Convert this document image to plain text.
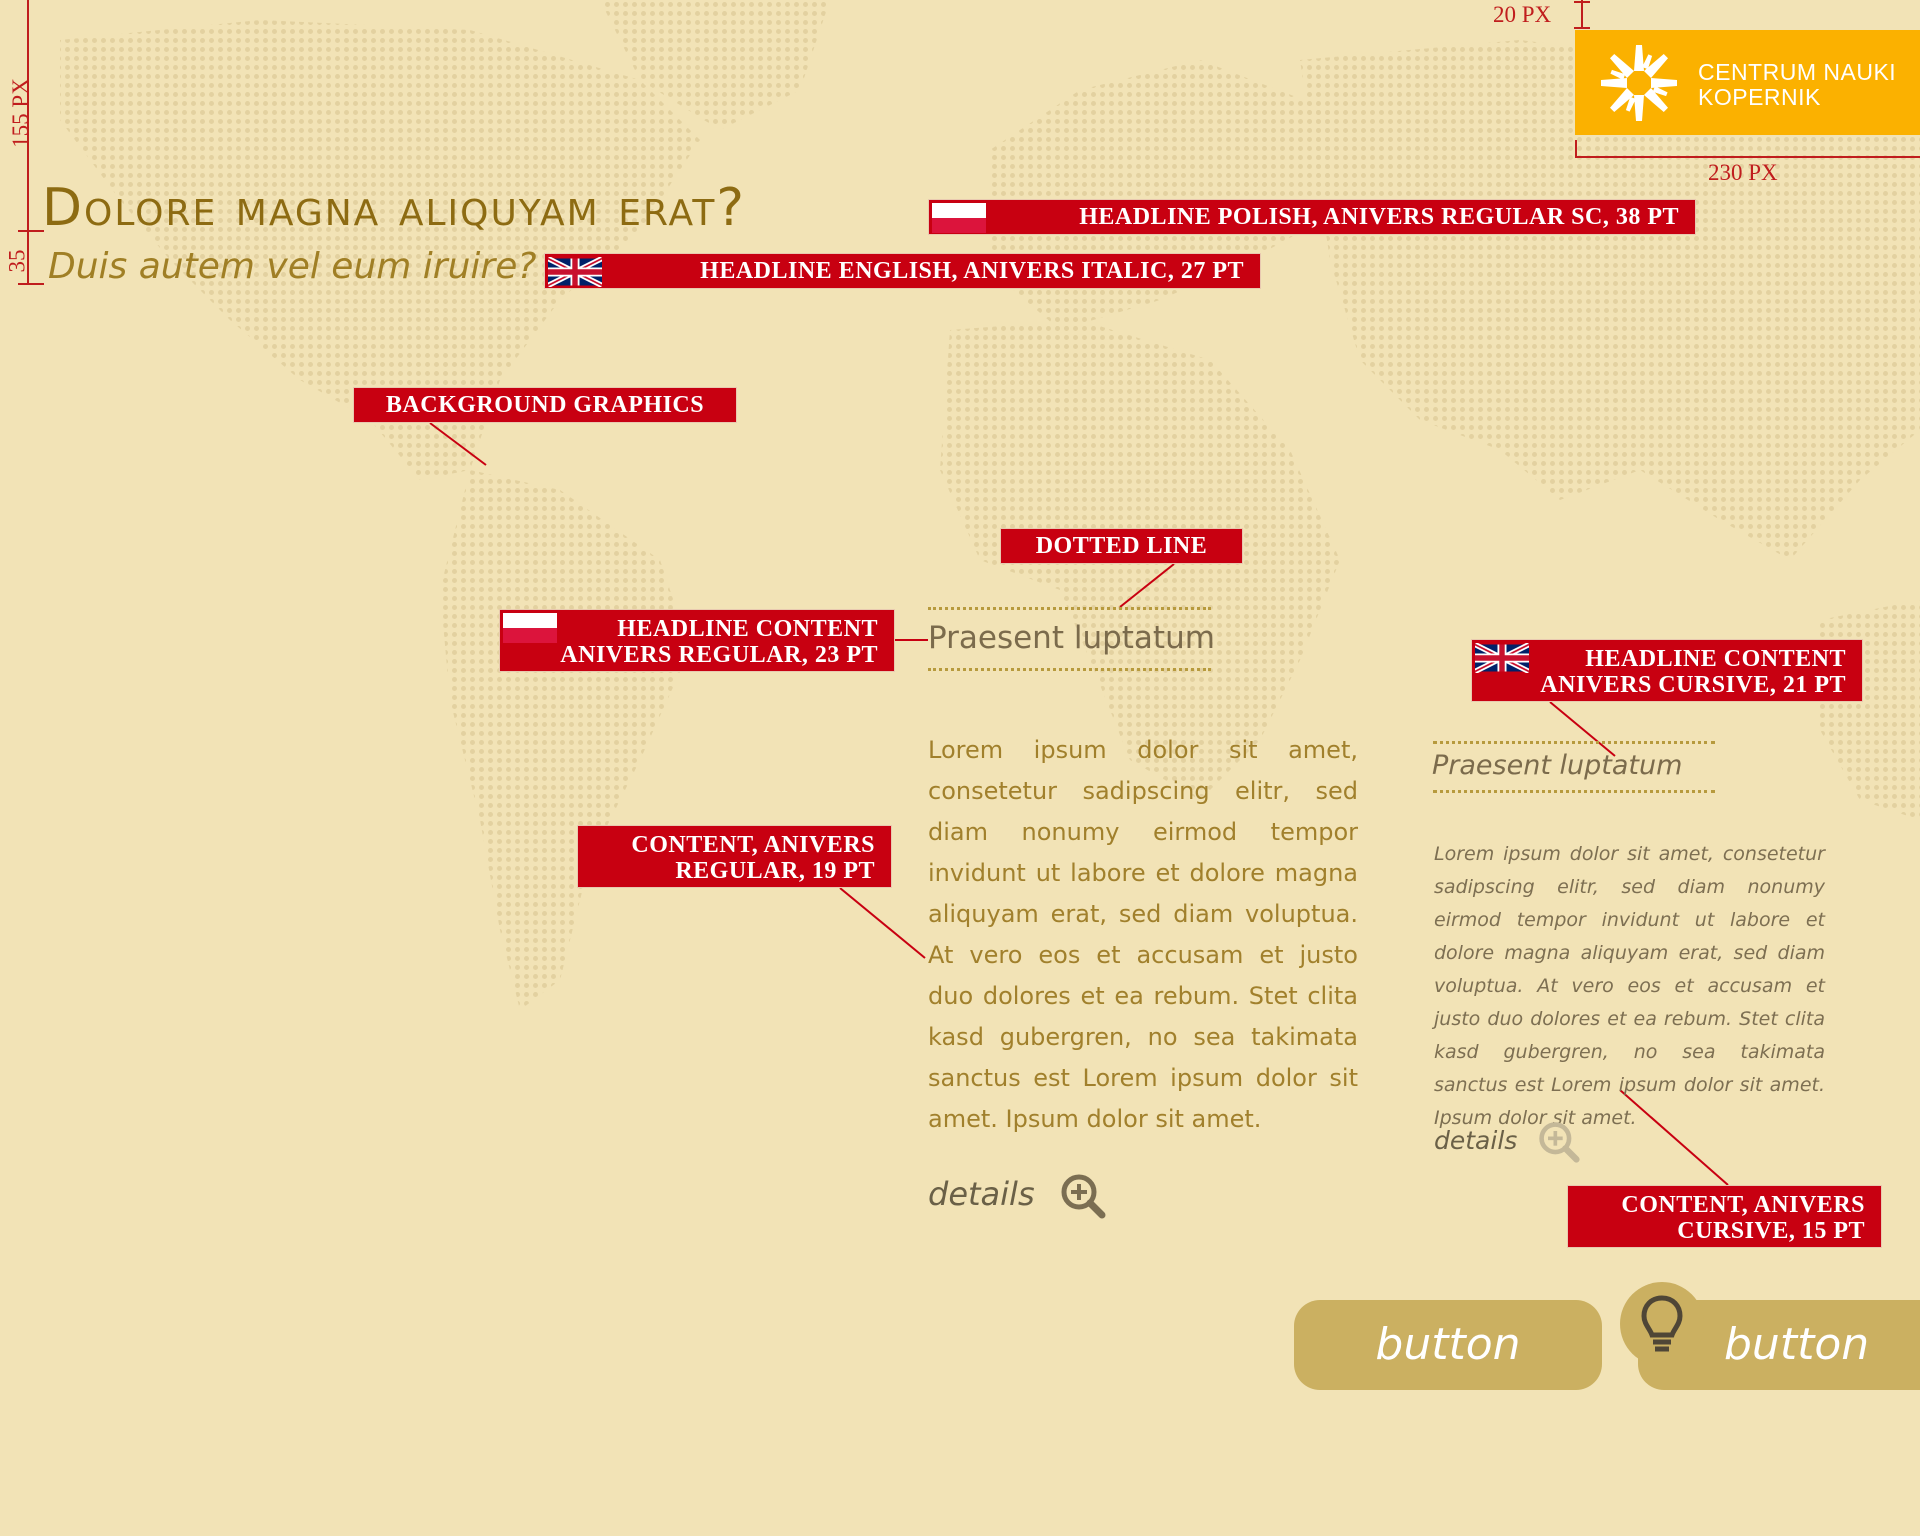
155 PX
35
20 PX
230 PX
CENTRUM NAUKI
KOPERNIK
Dolore magna aliquyam erat?
Duis autem vel eum iruire?
HEADLINE POLISH, ANIVERS REGULAR SC, 38 PT
HEADLINE ENGLISH, ANIVERS ITALIC, 27 PT
BACKGROUND GRAPHICS
DOTTED LINE
HEADLINE CONTENT
ANIVERS REGULAR, 23 PT	HEADLINE CONTENT
ANIVERS CURSIVE, 21 PT
CONTENT, ANIVERS
REGULAR, 19 PT
CONTENT, ANIVERS
CURSIVE, 15 PT
Praesent luptatum
Lorem ipsum dolor sit amet, consetetur sadipscing elitr, sed diam nonumy eirmod tempor invidunt ut labore et dolore magna aliquyam erat, sed diam voluptua. At vero eos et accusam et justo duo dolores et ea rebum. Stet clita kasd gubergren, no sea takimata sanctus est Lorem ipsum dolor sit amet. Ipsum dolor sit amet.
details
Praesent luptatum
Lorem ipsum dolor sit amet, consetetur sadipscing elitr, sed diam nonumy eirmod tempor invidunt ut labore et dolore magna aliquyam erat, sed diam voluptua. At vero eos et accusam et justo duo dolores et ea rebum. Stet clita kasd gubergren, no sea takimata sanctus est Lorem ipsum dolor sit amet. Ipsum dolor sit amet.
details
button	button
